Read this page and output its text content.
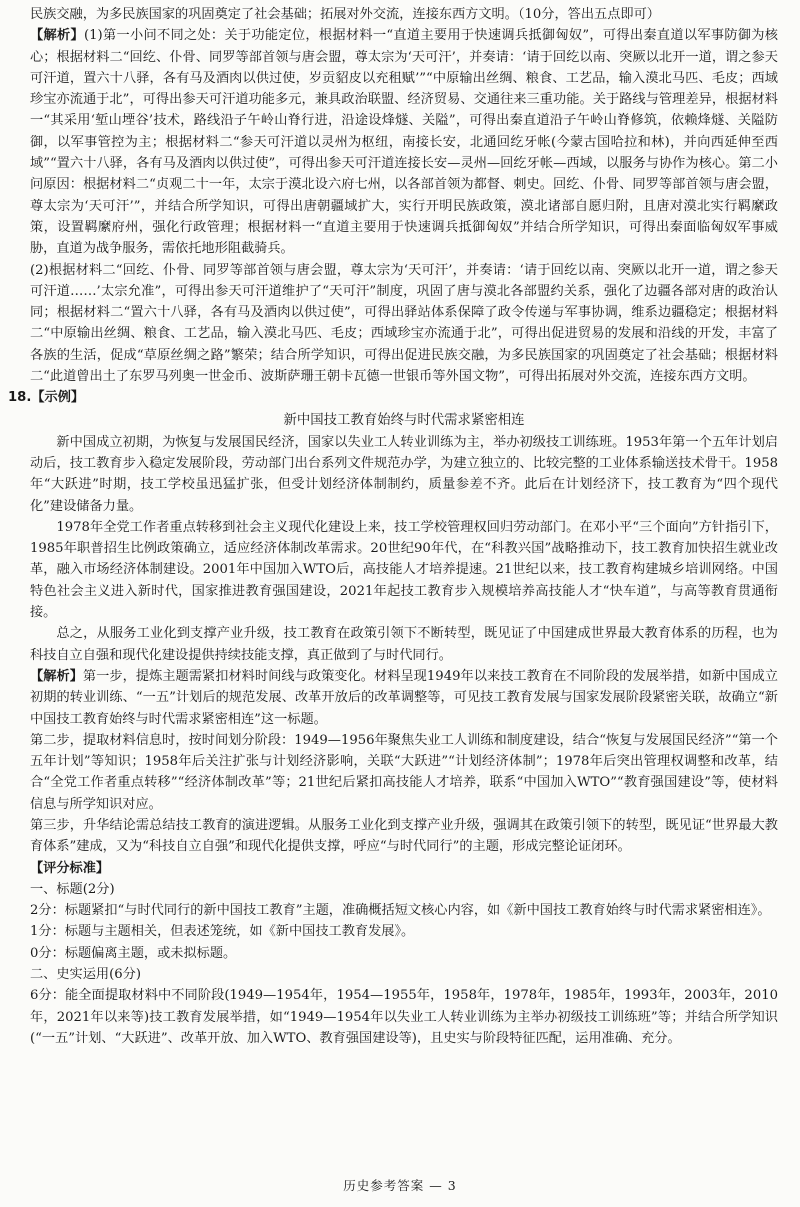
民族交融，为多民族国家的巩固奠定了社会基础；拓展对外交流，连接东西方文明。（10分，答出五点即可）

【解析】(1)第一小问不同之处：关于功能定位，根据材料一“直道主要用于快速调兵抵御匈奴”，可得出秦直道以军事防御为核心；根据材料二“回纥、仆骨、同罗等部首领与唐会盟，尊太宗为‘天可汗’，并奏请：‘请于回纥以南、突厥以北开一道，谓之参天可汗道，置六十八驿，各有马及酒肉以供过使，岁贡貂皮以充租赋’”“中原输出丝绸、粮食、工艺品，输入漠北马匹、毛皮；西域珍宝亦流通于北”，可得出参天可汗道功能多元，兼具政治联盟、经济贸易、交通往来三重功能。关于路线与管理差异，根据材料一“其采用‘堑山堙谷’技术，路线沿子午岭山脊行进，沿途设烽燧、关隘”，可得出秦直道沿子午岭山脊修筑，依赖烽燧、关隘防御，以军事管控为主；根据材料二“参天可汗道以灵州为枢纽，南接长安，北通回纥牙帐(今蒙古国哈拉和林)，并向西延伸至西域”“置六十八驿，各有马及酒肉以供过使”，可得出参天可汗道连接长安—灵州—回纥牙帐—西域，以服务与协作为核心。第二小问原因：根据材料二“贞观二十一年，太宗于漠北设六府七州，以各部首领为都督、刺史。回纥、仆骨、同罗等部首领与唐会盟，尊太宗为‘天可汗’”，并结合所学知识，可得出唐朝疆域扩大，实行开明民族政策，漠北诸部自愿归附，且唐对漠北实行羁縻政策，设置羁縻府州，强化行政管理；根据材料一“直道主要用于快速调兵抵御匈奴”并结合所学知识，可得出秦面临匈奴军事威胁，直道为战争服务，需依托地形阻截骑兵。

(2)根据材料二“回纥、仆骨、同罗等部首领与唐会盟，尊太宗为‘天可汗’，并奏请：‘请于回纥以南、突厥以北开一道，谓之参天可汗道……’太宗允准”，可得出参天可汗道维护了“天可汗”制度，巩固了唐与漠北各部盟约关系，强化了边疆各部对唐的政治认同；根据材料二“置六十八驿，各有马及酒肉以供过使”，可得出驿站体系保障了政令传递与军事协调，维系边疆稳定；根据材料二“中原输出丝绸、粮食、工艺品，输入漠北马匹、毛皮；西域珍宝亦流通于北”，可得出促进贸易的发展和沿线的开发，丰富了各族的生活，促成“草原丝绸之路”繁荣；结合所学知识，可得出促进民族交融，为多民族国家的巩固奠定了社会基础；根据材料二“此道曾出土了东罗马列奥一世金币、波斯萨珊王朝卡瓦德一世银币等外国文物”，可得出拓展对外交流，连接东西方文明。

18.【示例】

新中国技工教育始终与时代需求紧密相连

新中国成立初期，为恢复与发展国民经济，国家以失业工人转业训练为主，举办初级技工训练班。1953年第一个五年计划启动后，技工教育步入稳定发展阶段，劳动部门出台系列文件规范办学，为建立独立的、比较完整的工业体系输送技术骨干。1958年“大跃进”时期，技工学校虽迅猛扩张，但受计划经济体制制约，质量参差不齐。此后在计划经济下，技工教育为“四个现代化”建设储备力量。

1978年全党工作者重点转移到社会主义现代化建设上来，技工学校管理权回归劳动部门。在邓小平“三个面向”方针指引下，1985年职普招生比例政策确立，适应经济体制改革需求。20世纪90年代，在“科教兴国”战略推动下，技工教育加快招生就业改革，融入市场经济体制建设。2001年中国加入WTO后，高技能人才培养提速。21世纪以来，技工教育构建城乡培训网络。中国特色社会主义进入新时代，国家推进教育强国建设，2021年起技工教育步入规模培养高技能人才“快车道”，与高等教育贯通衔接。

总之，从服务工业化到支撑产业升级，技工教育在政策引领下不断转型，既见证了中国建成世界最大教育体系的历程，也为科技自立自强和现代化建设提供持续技能支撑，真正做到了与时代同行。

【解析】第一步，提炼主题需紧扣材料时间线与政策变化。材料呈现1949年以来技工教育在不同阶段的发展举措，如新中国成立初期的转业训练、“一五”计划后的规范发展、改革开放后的改革调整等，可见技工教育发展与国家发展阶段紧密关联，故确立“新中国技工教育始终与时代需求紧密相连”这一标题。

第二步，提取材料信息时，按时间划分阶段：1949—1956年聚焦失业工人训练和制度建设，结合“恢复与发展国民经济”“第一个五年计划”等知识；1958年后关注扩张与计划经济影响，关联“大跃进”“计划经济体制”；1978年后突出管理权调整和改革，结合“全党工作者重点转移”“经济体制改革”等；21世纪后紧扣高技能人才培养，联系“中国加入WTO”“教育强国建设”等，使材料信息与所学知识对应。

第三步，升华结论需总结技工教育的演进逻辑。从服务工业化到支撑产业升级，强调其在政策引领下的转型，既见证“世界最大教育体系”建成，又为“科技自立自强”和现代化提供支撑，呼应“与时代同行”的主题，形成完整论证闭环。

【评分标准】

一、标题(2分)

2分：标题紧扣“与时代同行的新中国技工教育”主题，准确概括短文核心内容，如《新中国技工教育始终与时代需求紧密相连》。

1分：标题与主题相关，但表述笼统，如《新中国技工教育发展》。

0分：标题偏离主题，或未拟标题。

二、史实运用(6分)

6分：能全面提取材料中不同阶段(1949—1954年，1954—1955年，1958年，1978年，1985年，1993年，2003年，2010年，2021年以来等)技工教育发展举措，如“1949—1954年以失业工人转业训练为主举办初级技工训练班”等；并结合所学知识(“一五”计划、“大跃进”、改革开放、加入WTO、教育强国建设等)，且史实与阶段特征匹配，运用准确、充分。

历史参考答案 — 3
